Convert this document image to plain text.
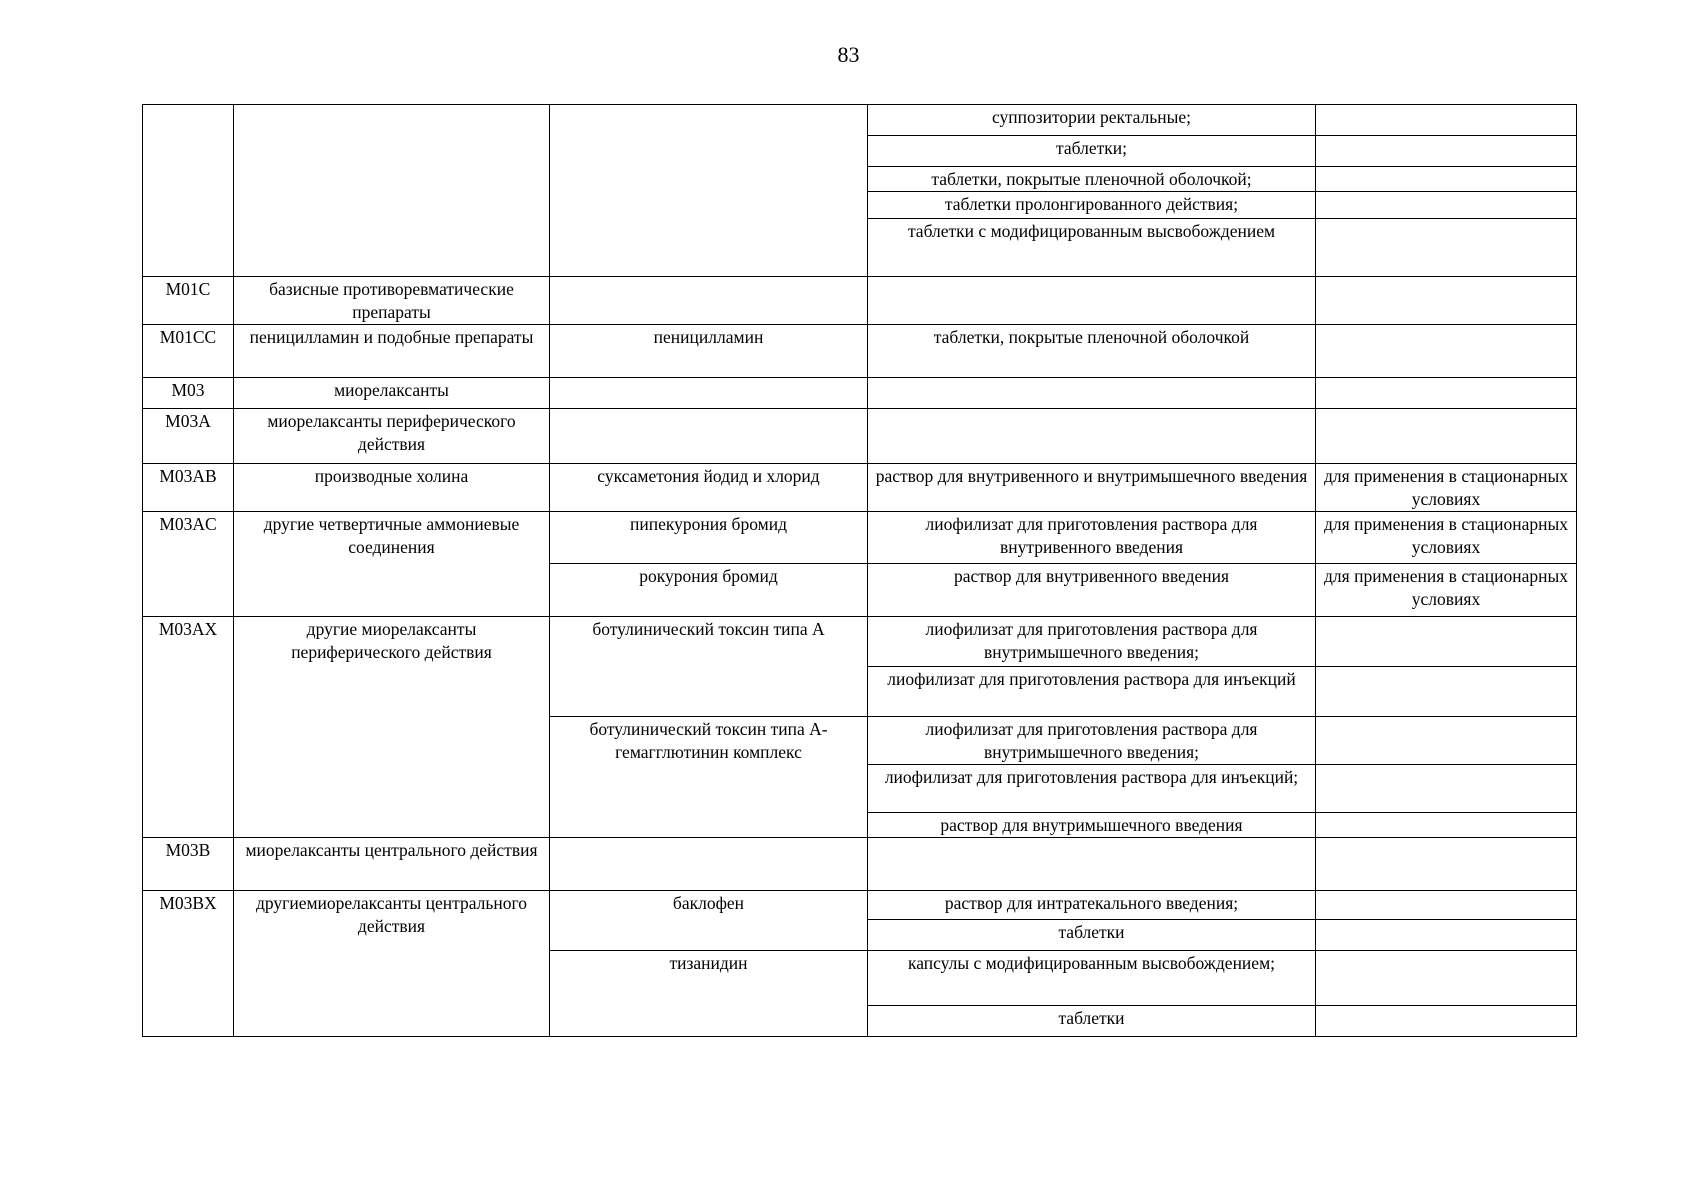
83
			суппозитории ректальные;	
			таблетки;	
			таблетки, покрытые пленочной оболочкой;	
			таблетки пролонгированного действия;	
			таблетки с модифицированным высвобождением	
M01C	базисные противоревматические препараты			
M01CC	пеницилламин и подобные препараты	пеницилламин	таблетки, покрытые пленочной оболочкой	
M03	миорелаксанты			
M03A	миорелаксанты периферического действия			
M03AB	производные холина	суксаметония йодид и хлорид	раствор для внутривенного и внутримышечного введения	для применения в стационарных условиях
M03AC	другие четвертичные аммониевые соединения	пипекурония бромид	лиофилизат для приготовления раствора для внутривенного введения	для применения в стационарных условиях
		рокурония бромид	раствор для внутривенного введения	для применения в стационарных условиях
M03AX	другие миорелаксанты периферического действия	ботулинический токсин типа A	лиофилизат для приготовления раствора для внутримышечного введения;	
			лиофилизат для приготовления раствора для инъекций	
		ботулинический токсин типа A-гемагглютинин комплекс	лиофилизат для приготовления раствора для внутримышечного введения;	
			лиофилизат для приготовления раствора для инъекций;	
			раствор для внутримышечного введения	
M03B	миорелаксанты центрального действия			
M03BX	другиемиорелаксанты центрального действия	баклофен	раствор для интратекального введения;	
			таблетки	
		тизанидин	капсулы с модифицированным высвобождением;	
			таблетки	
